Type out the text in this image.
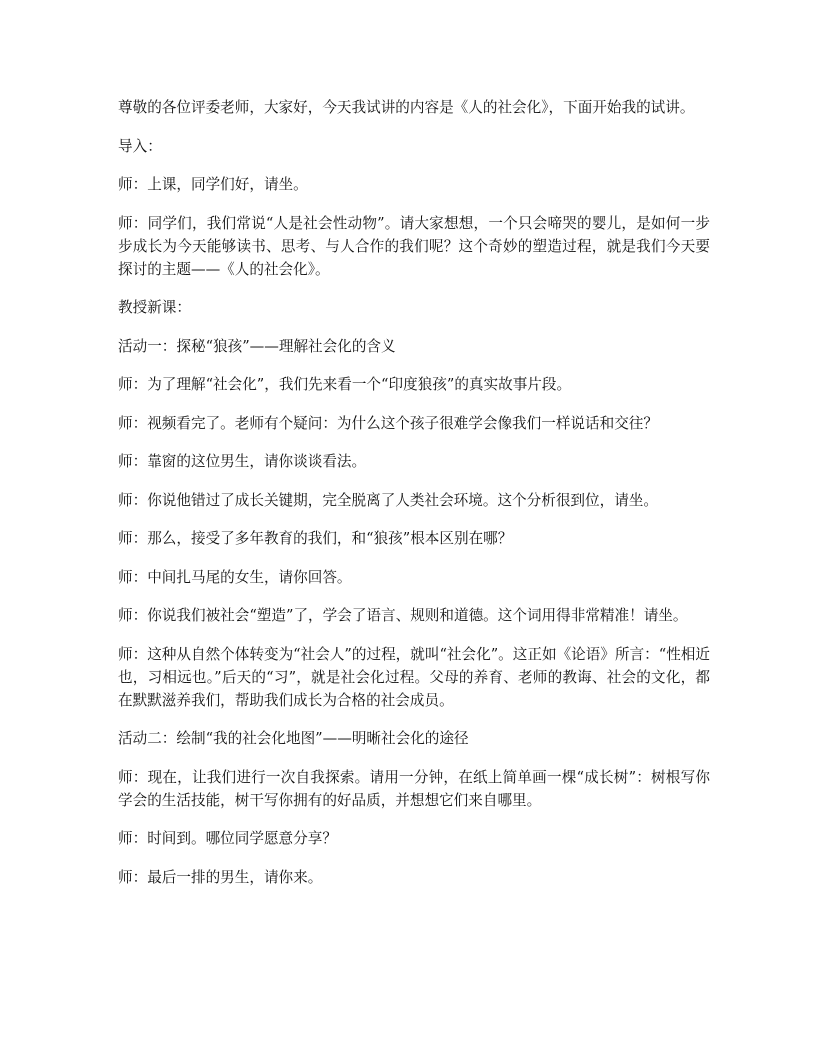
尊敬的各位评委老师，大家好，今天我试讲的内容是《人的社会化》，下面开始我的试讲。

导入：

师：上课，同学们好，请坐。

师：同学们，我们常说“人是社会性动物”。请大家想想，一个只会啼哭的婴儿，是如何一步步成长为今天能够读书、思考、与人合作的我们呢？这个奇妙的塑造过程，就是我们今天要探讨的主题——《人的社会化》。

教授新课：

活动一：探秘“狼孩”——理解社会化的含义

师：为了理解“社会化”，我们先来看一个“印度狼孩”的真实故事片段。

师：视频看完了。老师有个疑问：为什么这个孩子很难学会像我们一样说话和交往？

师：靠窗的这位男生，请你谈谈看法。

师：你说他错过了成长关键期，完全脱离了人类社会环境。这个分析很到位，请坐。

师：那么，接受了多年教育的我们，和“狼孩”根本区别在哪？

师：中间扎马尾的女生，请你回答。

师：你说我们被社会“塑造”了，学会了语言、规则和道德。这个词用得非常精准！请坐。

师：这种从自然个体转变为“社会人”的过程，就叫“社会化”。这正如《论语》所言：“性相近也，习相远也。”后天的“习”，就是社会化过程。父母的养育、老师的教诲、社会的文化，都在默默滋养我们，帮助我们成长为合格的社会成员。

活动二：绘制“我的社会化地图”——明晰社会化的途径

师：现在，让我们进行一次自我探索。请用一分钟，在纸上简单画一棵“成长树”：树根写你学会的生活技能，树干写你拥有的好品质，并想想它们来自哪里。

师：时间到。哪位同学愿意分享？

师：最后一排的男生，请你来。
